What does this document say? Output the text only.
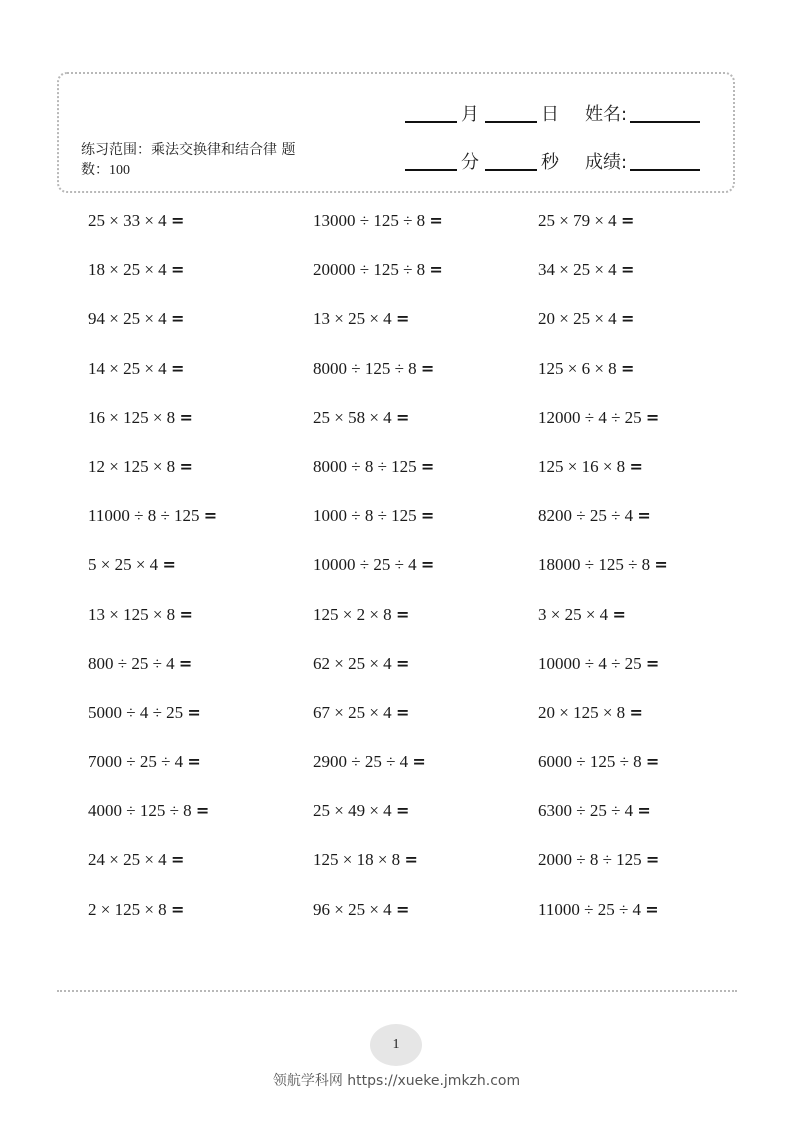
月	日 姓名:
分	秒 成绩:
练习范围：乘法交换律和结合律 题数：100
25 × 33 × 4 =	13000 ÷ 125 ÷ 8 =	25 × 79 × 4 =
18 × 25 × 4 =	20000 ÷ 125 ÷ 8 =	34 × 25 × 4 =
94 × 25 × 4 =	13 × 25 × 4 =	20 × 25 × 4 =
14 × 25 × 4 =	8000 ÷ 125 ÷ 8 =	125 × 6 × 8 =
16 × 125 × 8 =	25 × 58 × 4 =	12000 ÷ 4 ÷ 25 =
12 × 125 × 8 =	8000 ÷ 8 ÷ 125 =	125 × 16 × 8 =
11000 ÷ 8 ÷ 125 =	1000 ÷ 8 ÷ 125 =	8200 ÷ 25 ÷ 4 =
5 × 25 × 4 =	10000 ÷ 25 ÷ 4 =	18000 ÷ 125 ÷ 8 =
13 × 125 × 8 =	125 × 2 × 8 =	3 × 25 × 4 =
800 ÷ 25 ÷ 4 =	62 × 25 × 4 =	10000 ÷ 4 ÷ 25 =
5000 ÷ 4 ÷ 25 =	67 × 25 × 4 =	20 × 125 × 8 =
7000 ÷ 25 ÷ 4 =	2900 ÷ 25 ÷ 4 =	6000 ÷ 125 ÷ 8 =
4000 ÷ 125 ÷ 8 =	25 × 49 × 4 =	6300 ÷ 25 ÷ 4 =
24 × 25 × 4 =	125 × 18 × 8 =	2000 ÷ 8 ÷ 125 =
2 × 125 × 8 =	96 × 25 × 4 =	11000 ÷ 25 ÷ 4 =
1
领航学科网 https://xueke.jmkzh.com
